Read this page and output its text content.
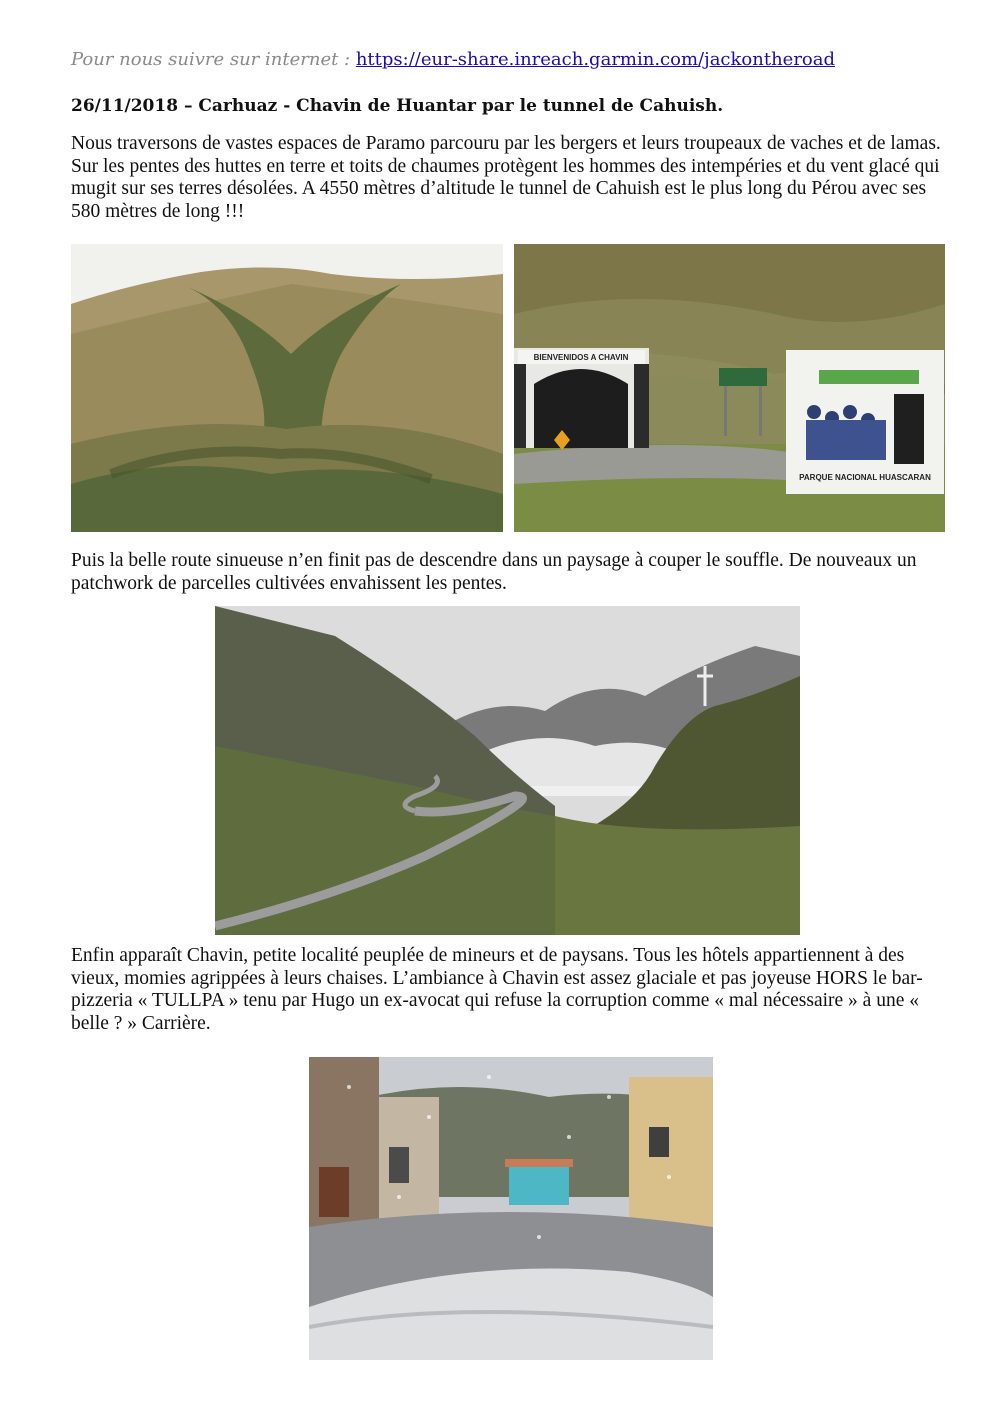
Pour nous suivre sur internet : https://eur-share.inreach.garmin.com/jackontheroad
26/11/2018 – Carhuaz - Chavin de Huantar par le tunnel de Cahuish.

Nous traversons de vastes espaces de Paramo parcouru par les bergers et leurs troupeaux de vaches et de lamas. Sur les pentes des huttes en terre et toits de chaumes protègent les hommes des intempéries et du vent glacé qui mugit sur ses terres désolées. A 4550 mètres d’altitude le tunnel de Cahuish est le plus long du Pérou avec ses 580 mètres de long !!!

BIENVENIDOS A CHAVIN
PARQUE NACIONAL HUASCARAN

Puis la belle route sinueuse n’en finit pas de descendre dans un paysage à couper le souffle. De nouveaux un patchwork de parcelles cultivées envahissent les pentes.

Enfin apparaît Chavin, petite localité peuplée de mineurs et de paysans. Tous les hôtels appartiennent à des vieux, momies agrippées à leurs chaises. L’ambiance à Chavin est assez glaciale et pas joyeuse HORS le bar-pizzeria « TULLPA » tenu par Hugo un ex-avocat qui refuse la corruption comme « mal nécessaire » à une « belle ? » Carrière.
